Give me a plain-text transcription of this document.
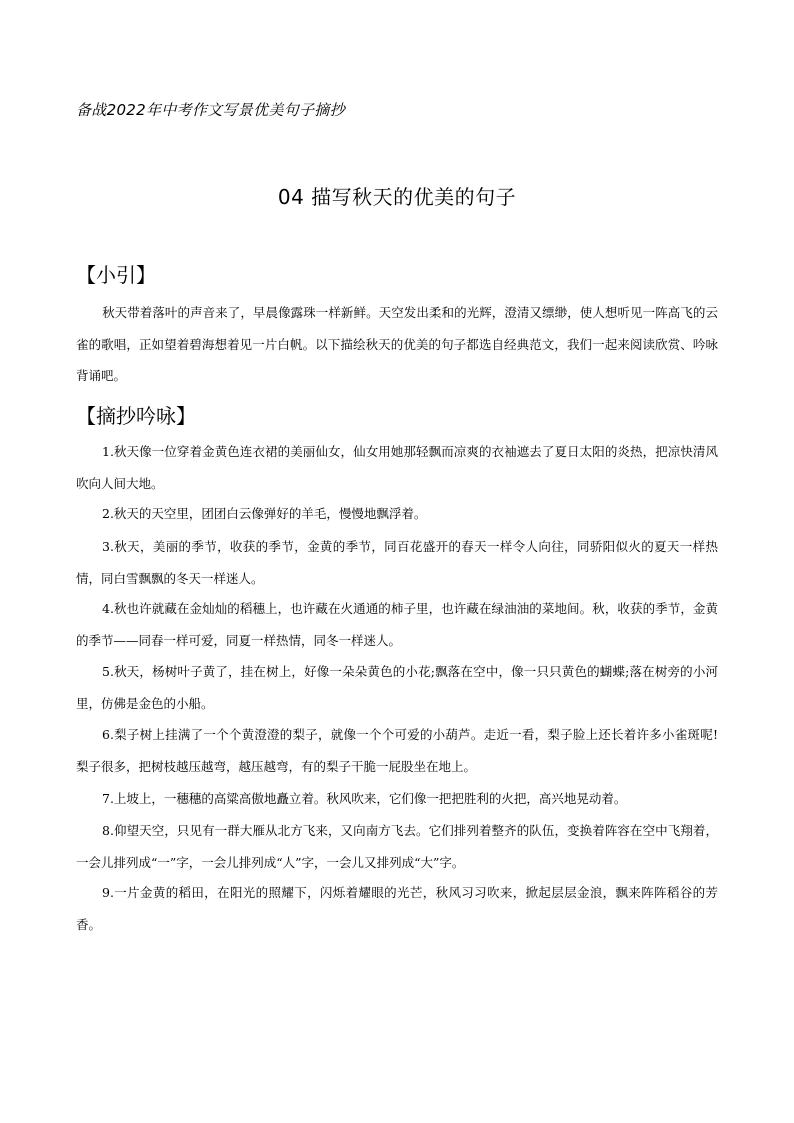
备战2022年中考作文写景优美句子摘抄
04 描写秋天的优美的句子
【小引】

秋天带着落叶的声音来了，早晨像露珠一样新鲜。天空发出柔和的光辉，澄清又缥缈，使人想听见一阵高飞的云雀的歌唱，正如望着碧海想着见一片白帆。以下描绘秋天的优美的句子都选自经典范文，我们一起来阅读欣赏、吟咏背诵吧。

【摘抄吟咏】

1.秋天像一位穿着金黄色连衣裙的美丽仙女，仙女用她那轻飘而凉爽的衣袖遮去了夏日太阳的炎热，把凉快清风吹向人间大地。

2.秋天的天空里，团团白云像弹好的羊毛，慢慢地飘浮着。

3.秋天，美丽的季节，收获的季节，金黄的季节，同百花盛开的春天一样令人向往，同骄阳似火的夏天一样热情，同白雪飘飘的冬天一样迷人。

4.秋也许就藏在金灿灿的稻穗上，也许藏在火通通的柿子里，也许藏在绿油油的菜地间。秋，收获的季节，金黄的季节——同春一样可爱，同夏一样热情，同冬一样迷人。

5.秋天，杨树叶子黄了，挂在树上，好像一朵朵黄色的小花;飘落在空中，像一只只黄色的蝴蝶;落在树旁的小河里，仿佛是金色的小船。

6.梨子树上挂满了一个个黄澄澄的梨子，就像一个个可爱的小葫芦。走近一看，梨子脸上还长着许多小雀斑呢!梨子很多，把树枝越压越弯，越压越弯，有的梨子干脆一屁股坐在地上。

7.上坡上，一穗穗的高粱高傲地矗立着。秋风吹来，它们像一把把胜利的火把，高兴地晃动着。

8.仰望天空，只见有一群大雁从北方飞来，又向南方飞去。它们排列着整齐的队伍，变换着阵容在空中飞翔着，一会儿排列成“一”字，一会儿排列成“人”字，一会儿又排列成“大”字。

9.一片金黄的稻田，在阳光的照耀下，闪烁着耀眼的光芒，秋风习习吹来，掀起层层金浪，飘来阵阵稻谷的芳香。
